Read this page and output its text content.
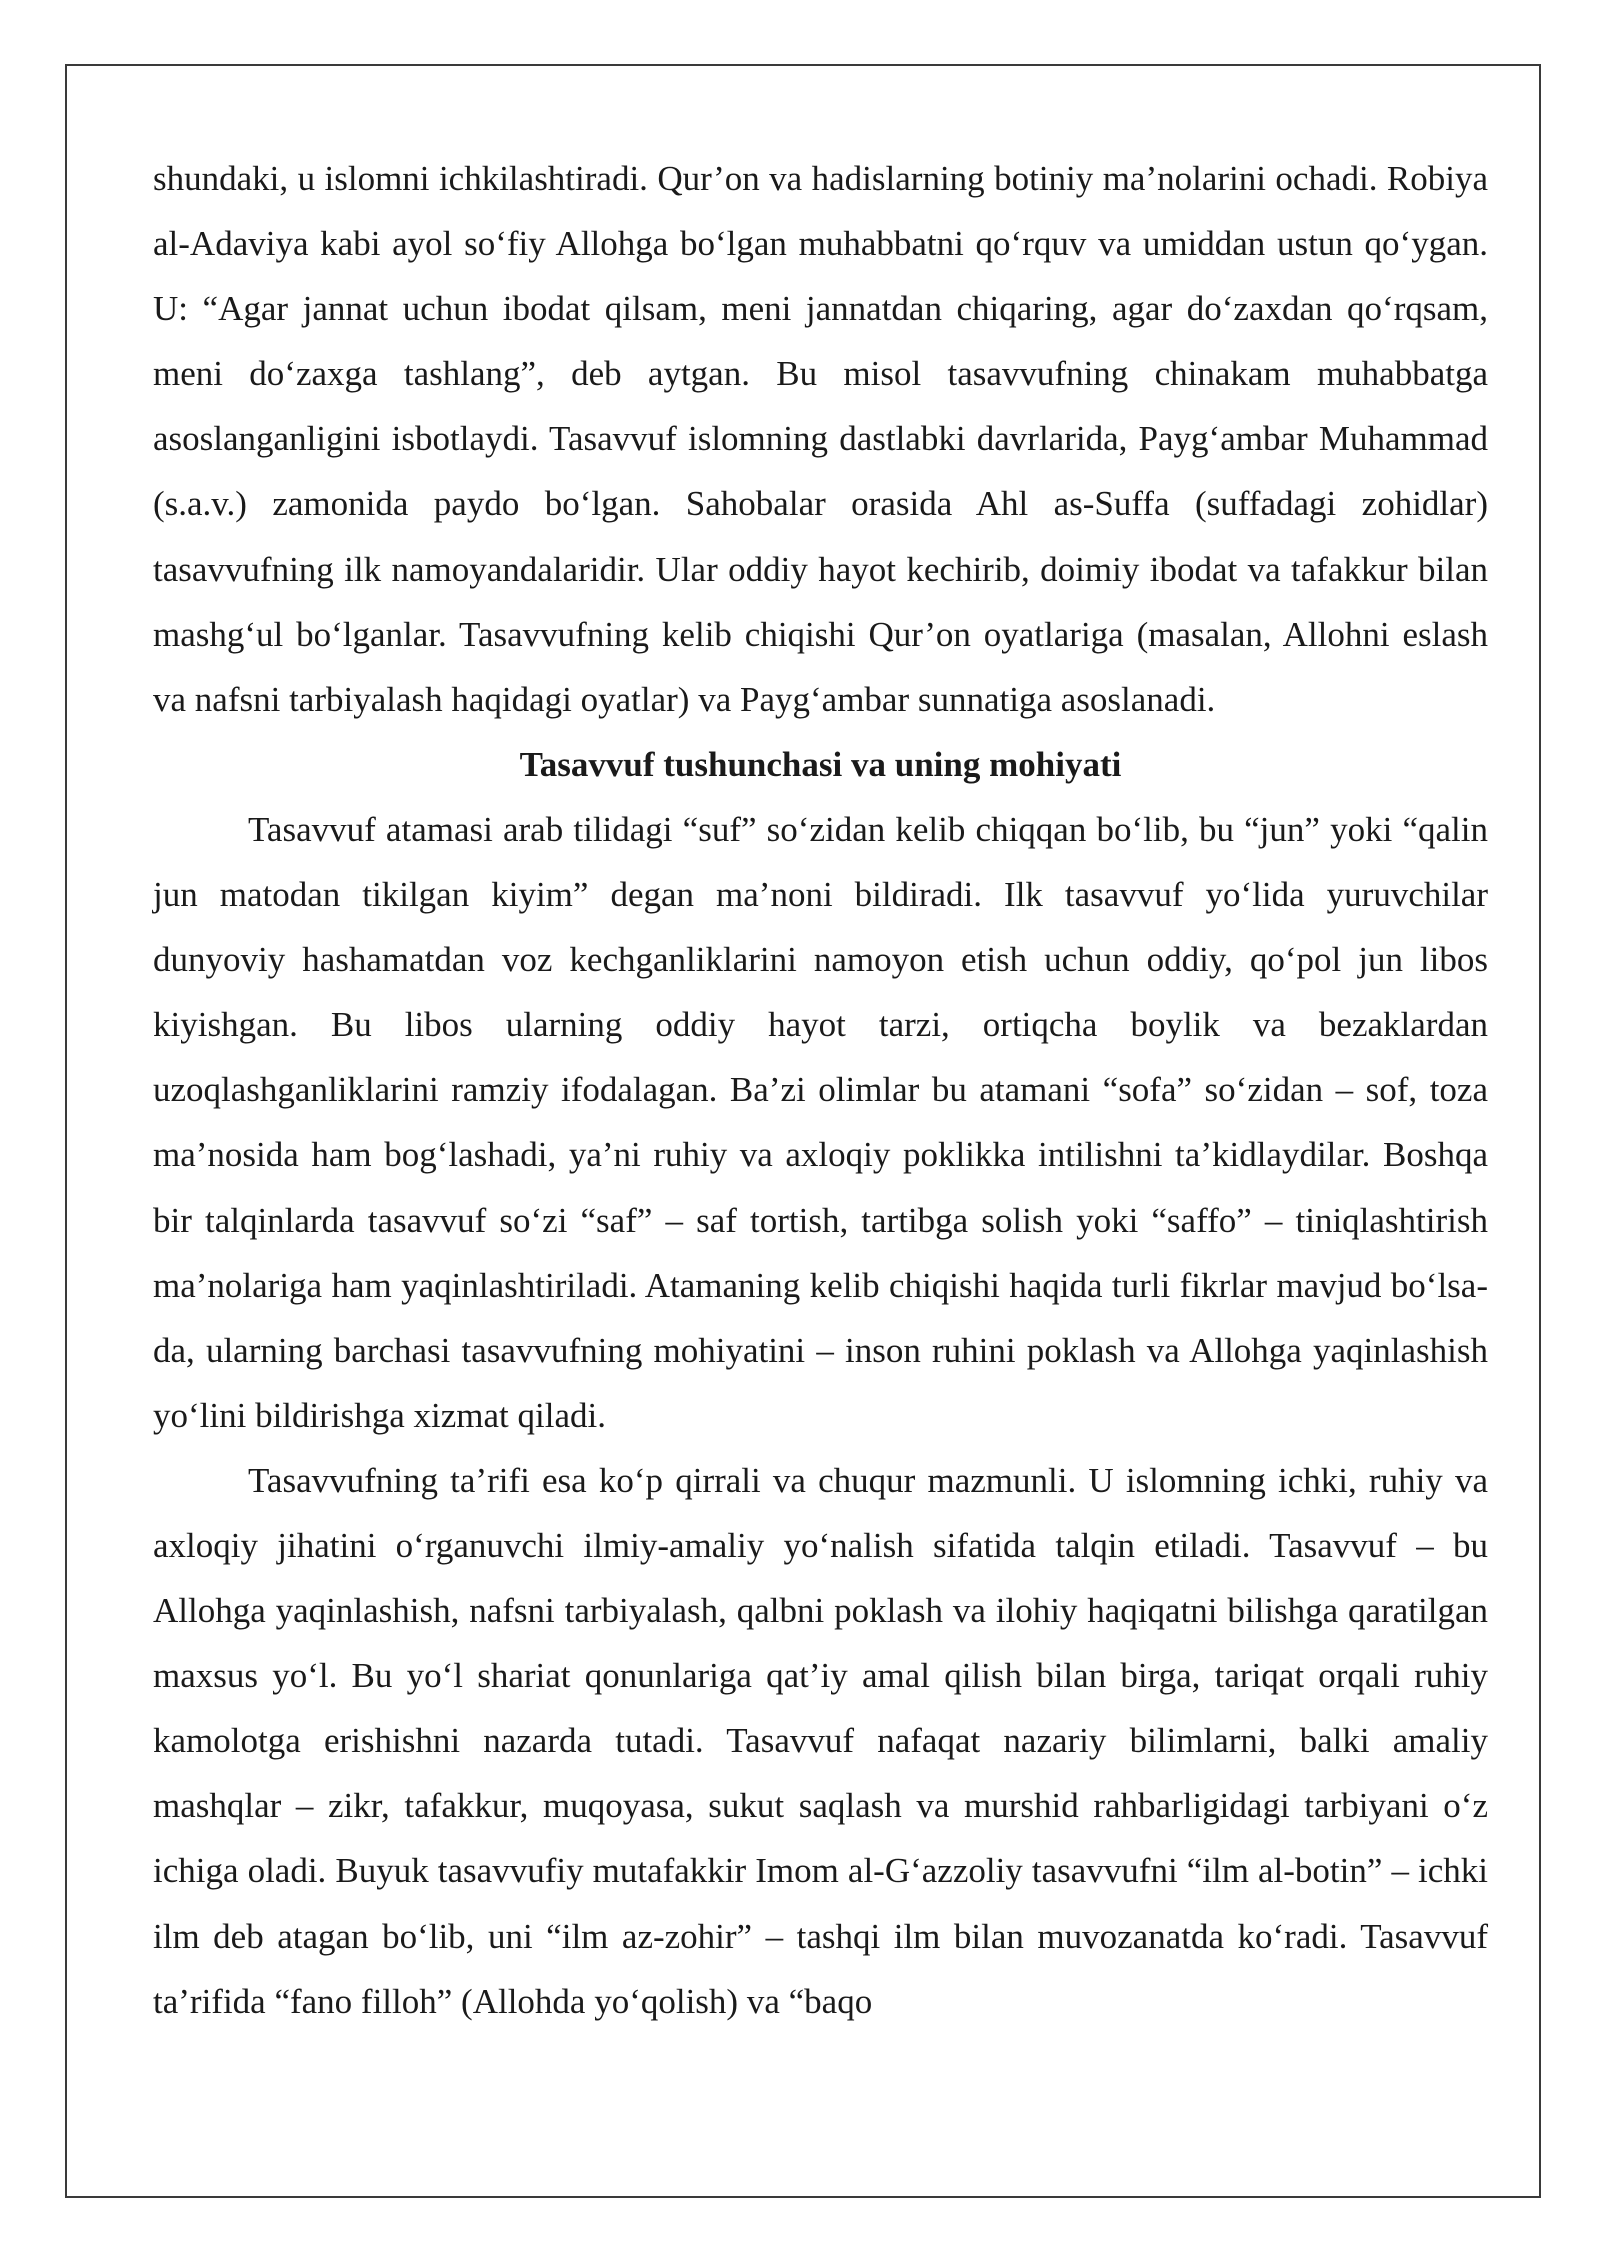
shundaki, u islomni ichkilashtiradi. Qur’on va hadislarning botiniy ma’nolarini ochadi. Robiya al-Adaviya kabi ayol so‘fiy Allohga bo‘lgan muhabbatni qo‘rquv va umiddan ustun qo‘ygan. U: “Agar jannat uchun ibodat qilsam, meni jannatdan chiqaring, agar do‘zaxdan qo‘rqsam, meni do‘zaxga tashlang”, deb aytgan. Bu misol tasavvufning chinakam muhabbatga asoslanganligini isbotlaydi. Tasavvuf islomning dastlabki davrlarida, Payg‘ambar Muhammad (s.a.v.) zamonida paydo bo‘lgan. Sahobalar orasida Ahl as-Suffa (suffadagi zohidlar) tasavvufning ilk namoyandalaridir. Ular oddiy hayot kechirib, doimiy ibodat va tafakkur bilan mashg‘ul bo‘lganlar. Tasavvufning kelib chiqishi Qur’on oyatlariga (masalan, Allohni eslash va nafsni tarbiyalash haqidagi oyatlar) va Payg‘ambar sunnatiga asoslanadi.

Tasavvuf tushunchasi va uning mohiyati

Tasavvuf atamasi arab tilidagi “suf” so‘zidan kelib chiqqan bo‘lib, bu “jun” yoki “qalin jun matodan tikilgan kiyim” degan ma’noni bildiradi. Ilk tasavvuf yo‘lida yuruvchilar dunyoviy hashamatdan voz kechganliklarini namoyon etish uchun oddiy, qo‘pol jun libos kiyishgan. Bu libos ularning oddiy hayot tarzi, ortiqcha boylik va bezaklardan uzoqlashganliklarini ramziy ifodalagan. Ba’zi olimlar bu atamani “sofa” so‘zidan – sof, toza ma’nosida ham bog‘lashadi, ya’ni ruhiy va axloqiy poklikka intilishni ta’kidlaydilar. Boshqa bir talqinlarda tasavvuf so‘zi “saf” – saf tortish, tartibga solish yoki “saffo” – tiniqlashtirish ma’nolariga ham yaqinlashtiriladi. Atamaning kelib chiqishi haqida turli fikrlar mavjud bo‘lsa-da, ularning barchasi tasavvufning mohiyatini – inson ruhini poklash va Allohga yaqinlashish yo‘lini bildirishga xizmat qiladi.

Tasavvufning ta’rifi esa ko‘p qirrali va chuqur mazmunli. U islomning ichki, ruhiy va axloqiy jihatini o‘rganuvchi ilmiy-amaliy yo‘nalish sifatida talqin etiladi. Tasavvuf – bu Allohga yaqinlashish, nafsni tarbiyalash, qalbni poklash va ilohiy haqiqatni bilishga qaratilgan maxsus yo‘l. Bu yo‘l shariat qonunlariga qat’iy amal qilish bilan birga, tariqat orqali ruhiy kamolotga erishishni nazarda tutadi. Tasavvuf nafaqat nazariy bilimlarni, balki amaliy mashqlar – zikr, tafakkur, muqoyasa, sukut saqlash va murshid rahbarligidagi tarbiyani o‘z ichiga oladi. Buyuk tasavvufiy mutafakkir Imom al-G‘azzoliy tasavvufni “ilm al-botin” – ichki ilm deb atagan bo‘lib, uni “ilm az-zohir” – tashqi ilm bilan muvozanatda ko‘radi. Tasavvuf ta’rifida “fano filloh” (Allohda yo‘qolish) va “baqo
